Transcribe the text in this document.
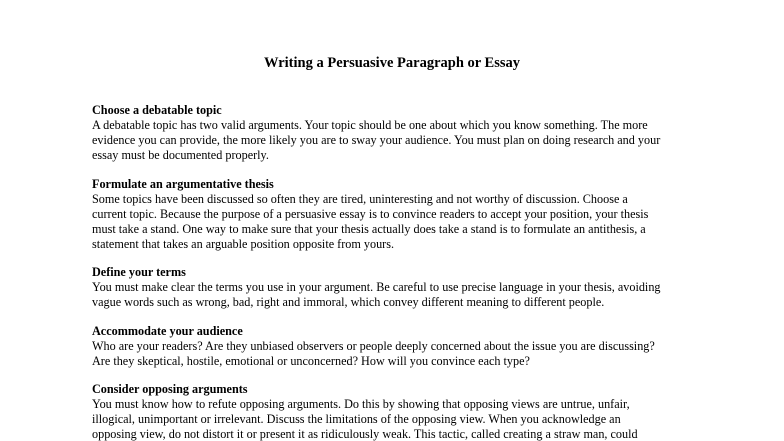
Writing a Persuasive Paragraph or Essay

Choose a debatable topic

A debatable topic has two valid arguments. Your topic should be one about which you know something. The more

evidence you can provide, the more likely you are to sway your audience. You must plan on doing research and your

essay must be documented properly.

Formulate an argumentative thesis

Some topics have been discussed so often they are tired, uninteresting and not worthy of discussion. Choose a

current topic. Because the purpose of a persuasive essay is to convince readers to accept your position, your thesis

must take a stand. One way to make sure that your thesis actually does take a stand is to formulate an antithesis, a

statement that takes an arguable position opposite from yours.

Define your terms

You must make clear the terms you use in your argument. Be careful to use precise language in your thesis, avoiding

vague words such as wrong, bad, right and immoral, which convey different meaning to different people.

Accommodate your audience

Who are your readers? Are they unbiased observers or people deeply concerned about the issue you are discussing?

Are they skeptical, hostile, emotional or unconcerned? How will you convince each type?

Consider opposing arguments

You must know how to refute opposing arguments. Do this by showing that opposing views are untrue, unfair,

illogical, unimportant or irrelevant. Discuss the limitations of the opposing view. When you acknowledge an

opposing view, do not distort it or present it as ridiculously weak. This tactic, called creating a straw man, could
